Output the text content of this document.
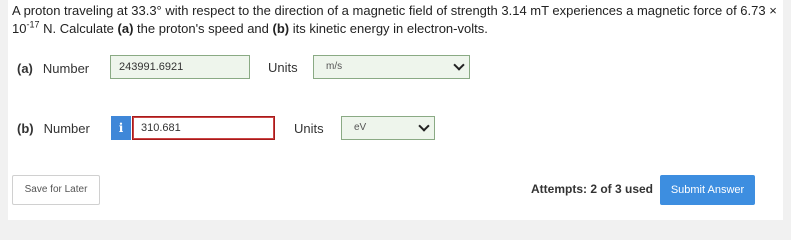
A proton traveling at 33.3° with respect to the direction of a magnetic field of strength 3.14 mT experiences a magnetic force of 6.73 ×
$10^{-17}$ N. Calculate (a) the proton's speed and (b) its kinetic energy in electron-volts.
(a) Number	243991.6921	Units	m/s
(b) Number	i	310.681	Units	eV
Save for Later	Attempts: 2 of 3 used	Submit Answer
